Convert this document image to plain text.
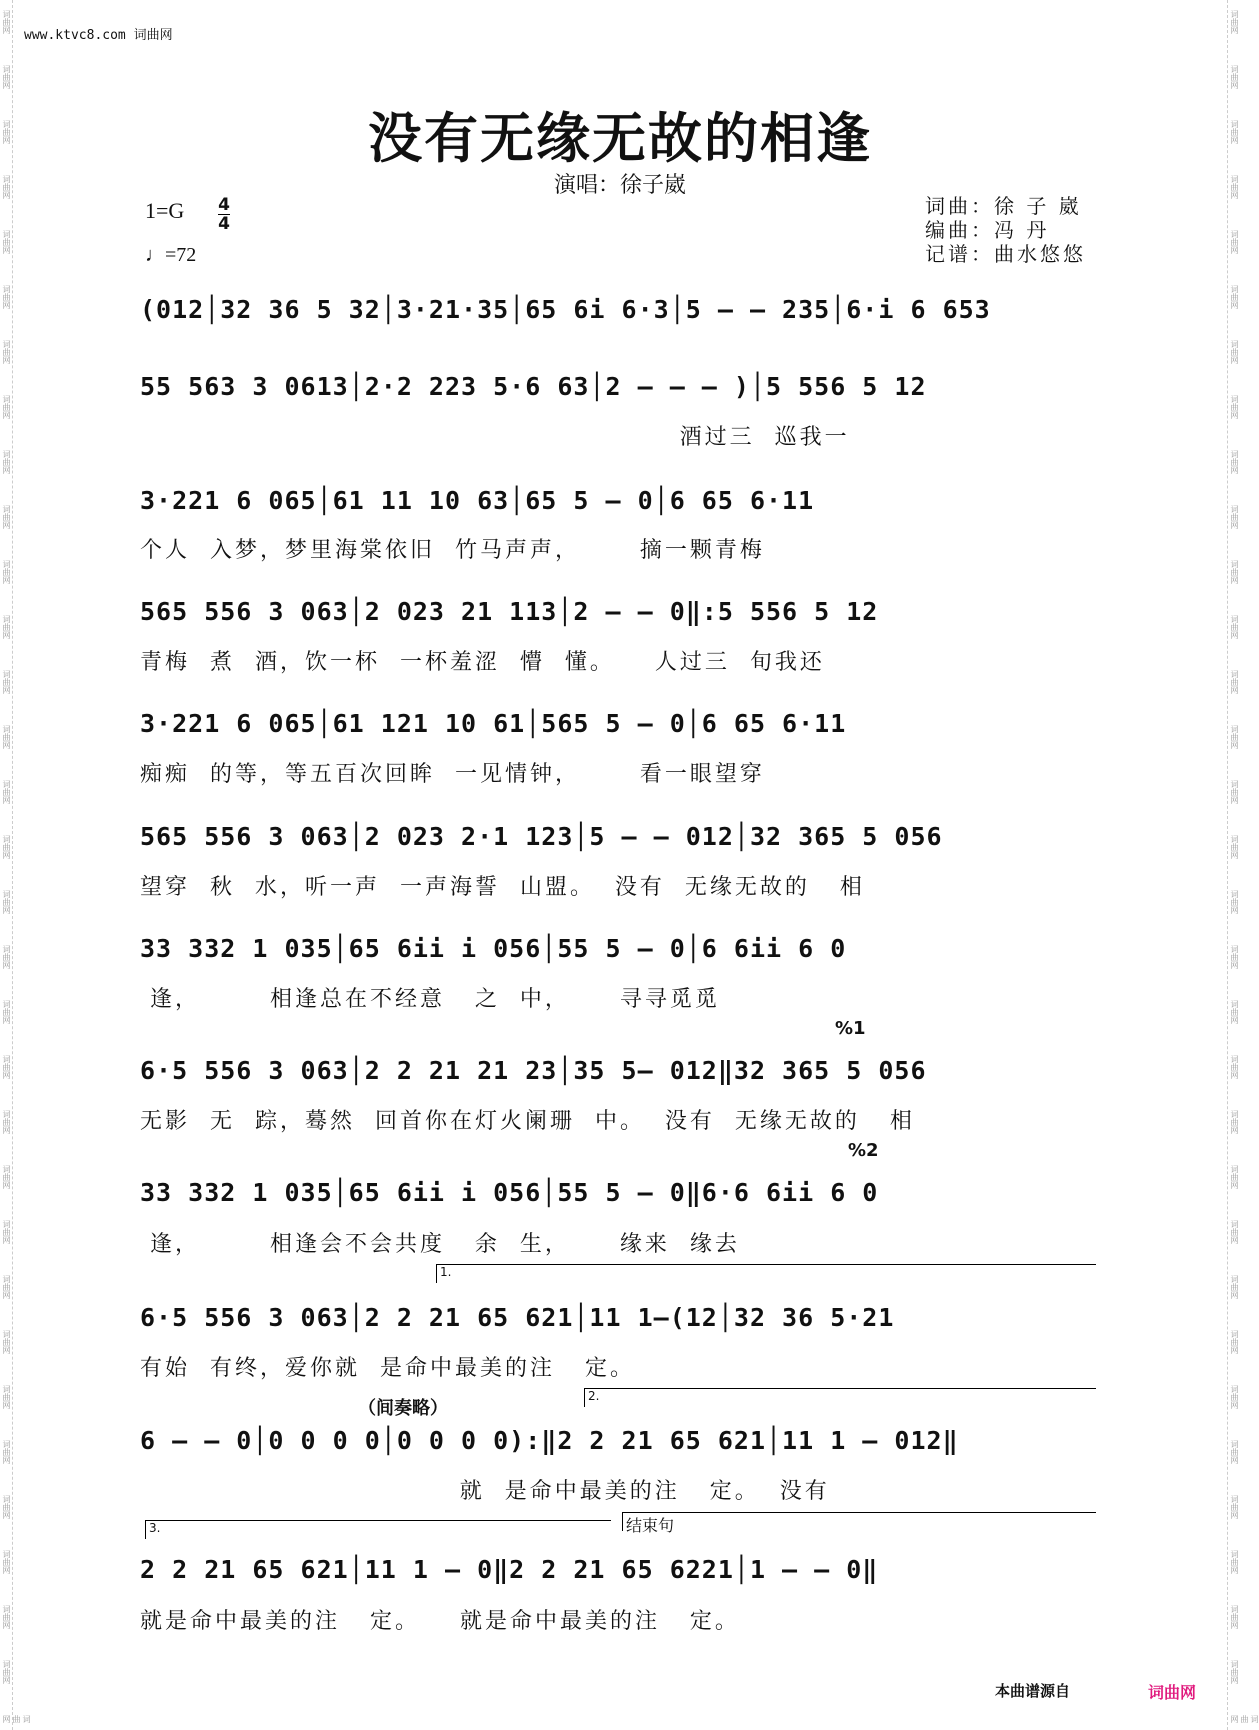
词曲网
词曲网
词曲网
词曲网
词曲网
词曲网
词曲网
词曲网
词曲网
词曲网
词曲网
词曲网
词曲网
词曲网
词曲网
词曲网
词曲网
词曲网
词曲网
词曲网
词曲网
词曲网
词曲网
词曲网
词曲网
词曲网
词曲网
词曲网
词曲网
词曲网
词曲网
词曲网
词曲网
词曲网
词曲网
词曲网
词曲网
词曲网
词曲网
词曲网
词曲网
词曲网
词曲网
词曲网
词曲网
词曲网
词曲网
词曲网
词曲网
词曲网
词曲网
词曲网
词曲网
词曲网
词曲网
词曲网
词曲网
词曲网
词曲网
词曲网
词曲网
词曲网
词曲网
词曲网
www.ktvc8.com 词曲网
没有无缘无故的相逢
演唱：徐子崴
1=G 4
4
♩=72
词曲：徐 子 崴
编曲：冯 丹
记谱：曲水悠悠
(012│32 36 5 32│3·21·35│65 6i 6·3│5 – – 235│6·i 6 653
55 563 3 0613│2·2 223 5·6 63│2 – – – )│5 556 5 12
酒过三  巡我一
3·221 6 065│61 11 10 63│65 5 – 0│6 65 6·11
个人  入梦，梦里海棠依旧  竹马声声，      摘一颗青梅
565 556 3 063│2 023 21 113│2 – – 0‖:5 556 5 12
青梅  煮  酒，饮一杯  一杯羞涩  懵  懂。    人过三  旬我还
3·221 6 065│61 121 10 61│565 5 – 0│6 65 6·11
痴痴  的等，等五百次回眸  一见情钟，      看一眼望穿
565 556 3 063│2 023 2·1 123│5 – – 012│32 365 5 056
望穿  秋  水，听一声  一声海誓  山盟。  没有  无缘无故的   相
33 332 1 035│65 6ii i 056│55 5 – 0│6 6ii 6 0
逢，       相逢总在不经意   之  中，     寻寻觅觅
%1
6·5 556 3 063│2 2 21 21 23│35 5– 012‖32 365 5 056
无影  无  踪，蓦然  回首你在灯火阑珊  中。  没有  无缘无故的   相
%2
33 332 1 035│65 6ii i 056│55 5 – 0‖6·6 6ii 6 0
逢，       相逢会不会共度   余  生，     缘来  缘去
1.
6·5 556 3 063│2 2 21 65 621│11 1–(12│32 36 5·21
有始  有终，爱你就  是命中最美的注   定。
（间奏略）
2.
6 – – 0│0 0 0 0│0 0 0 0):‖2 2 21 65 621│11 1 – 012‖
就  是命中最美的注   定。  没有
3.	结束句
2 2 21 65 621│11 1 – 0‖2 2 21 65 6221│1 – – 0‖
就是命中最美的注   定。    就是命中最美的注   定。
本曲谱源自	词曲网
